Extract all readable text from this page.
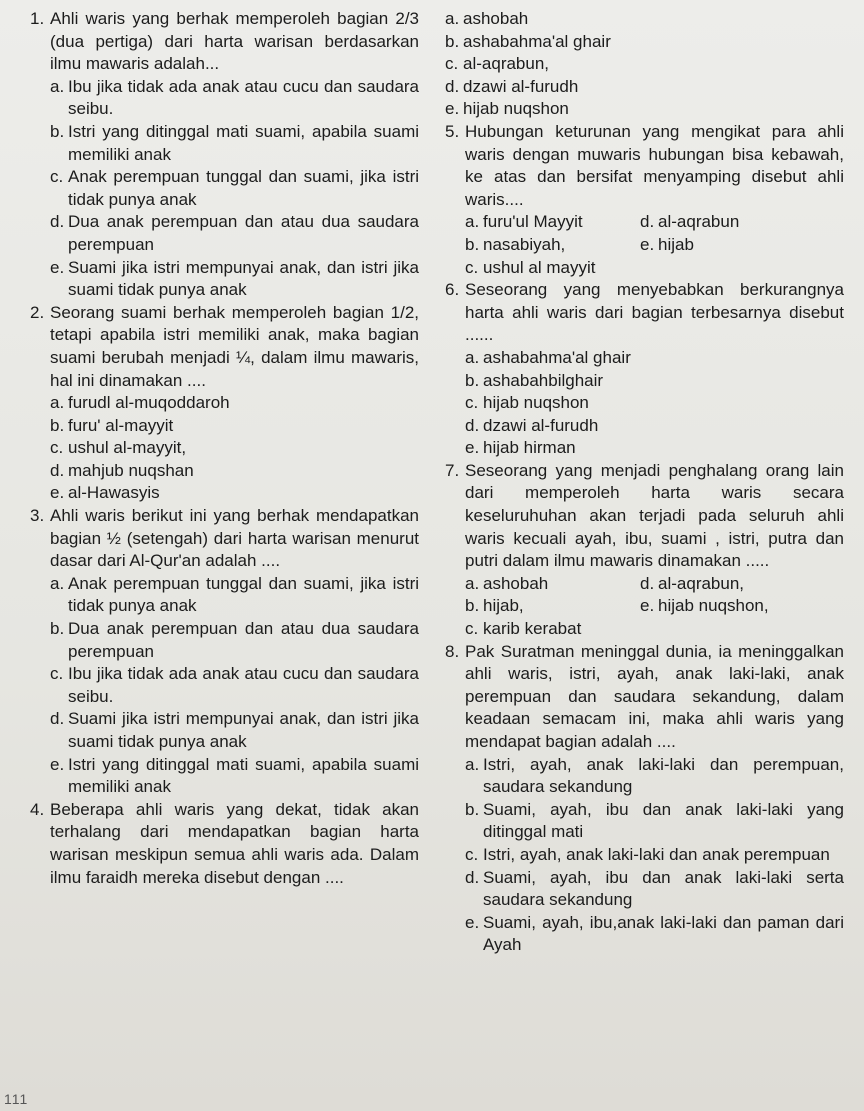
1. Ahli waris yang berhak memperoleh bagian 2/3 (dua pertiga) dari harta warisan berdasarkan ilmu mawaris adalah...
a. Ibu jika tidak ada anak atau cucu dan saudara seibu.
b. Istri yang ditinggal mati suami, apabila suami memiliki anak
c. Anak perempuan tunggal dan suami, jika istri tidak punya anak
d. Dua anak perempuan dan atau dua saudara perempuan
e. Suami jika istri mempunyai anak, dan istri jika suami tidak punya anak
2. Seorang suami berhak memperoleh bagian 1/2, tetapi apabila istri memiliki anak, maka bagian suami berubah menjadi ¼, dalam ilmu mawaris, hal ini dinamakan ....
a. furudl al-muqoddaroh
b. furu' al-mayyit
c. ushul al-mayyit,
d. mahjub nuqshan
e. al-Hawasyis
3. Ahli waris berikut ini yang berhak mendapatkan bagian ½ (setengah) dari harta warisan menurut dasar dari Al-Qur'an adalah ....
a. Anak perempuan tunggal dan suami, jika istri tidak punya anak
b. Dua anak perempuan dan atau dua saudara perempuan
c. Ibu jika tidak ada anak atau cucu dan saudara seibu.
d. Suami jika istri mempunyai anak, dan istri jika suami tidak punya anak
e. Istri yang ditinggal mati suami, apabila suami memiliki anak
4. Beberapa ahli waris yang dekat, tidak akan terhalang dari mendapatkan bagian harta warisan meskipun semua ahli waris ada. Dalam ilmu faraidh mereka disebut dengan ....
a. ashobah
b. ashabahma'al ghair
c. al-aqrabun,
d. dzawi al-furudh
e. hijab nuqshon
5. Hubungan keturunan yang mengikat para ahli waris dengan muwaris hubungan bisa kebawah, ke atas dan bersifat menyamping disebut ahli waris....
a. furu'ul Mayyit	d. al-aqrabun
b. nasabiyah,	e. hijab
c. ushul al mayyit
6. Seseorang yang menyebabkan berkurangnya harta ahli waris dari bagian terbesarnya disebut ......
a. ashabahma'al ghair
b. ashabahbilghair
c. hijab nuqshon
d. dzawi al-furudh
e. hijab hirman
7. Seseorang yang menjadi penghalang orang lain dari memperoleh harta waris secara keseluruhuhan akan terjadi pada seluruh ahli waris kecuali ayah, ibu, suami , istri, putra dan putri dalam ilmu mawaris dinamakan .....
a. ashobah	d. al-aqrabun,
b. hijab,	e. hijab nuqshon,
c. karib kerabat
8. Pak Suratman meninggal dunia, ia meninggalkan ahli waris, istri, ayah, anak laki-laki, anak perempuan dan saudara sekandung, dalam keadaan semacam ini, maka ahli waris yang mendapat bagian adalah ....
a. Istri, ayah, anak laki-laki dan perempuan, saudara sekandung
b. Suami, ayah, ibu dan anak laki-laki yang ditinggal mati
c. Istri, ayah, anak laki-laki dan anak perempuan
d. Suami, ayah, ibu dan anak laki-laki serta saudara sekandung
e. Suami, ayah, ibu,anak laki-laki dan paman dari Ayah
111
